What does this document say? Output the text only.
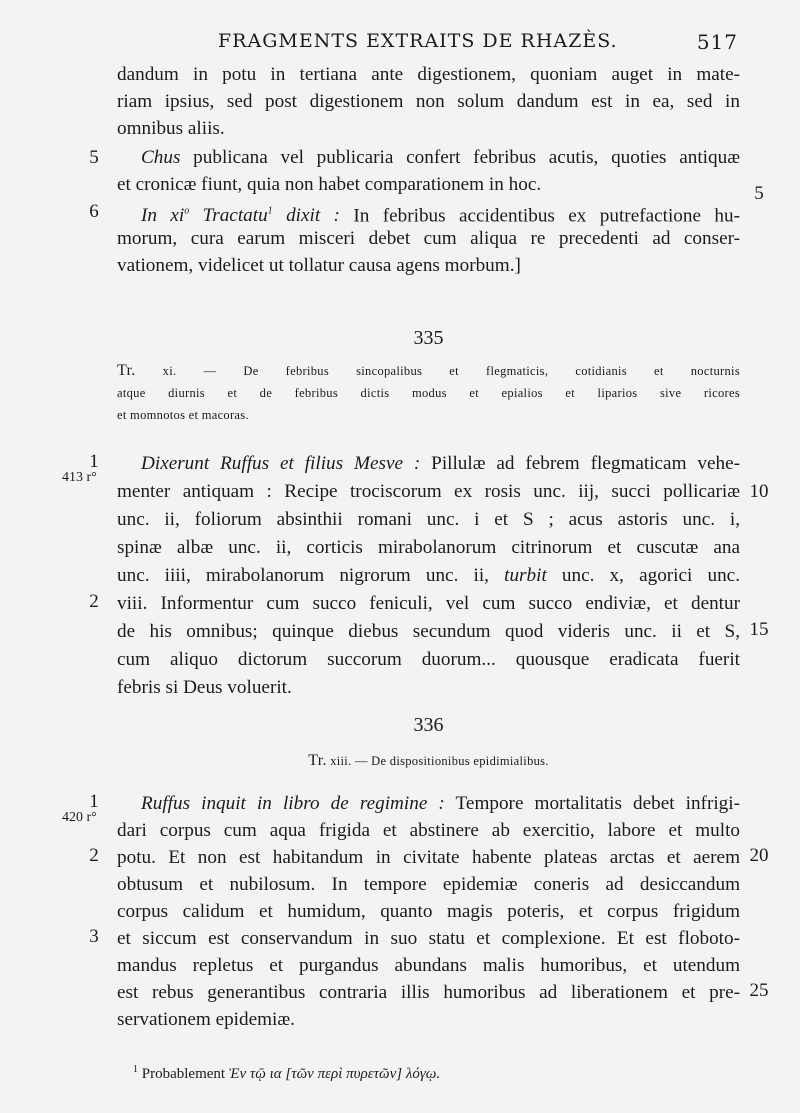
FRAGMENTS EXTRAITS DE RHAZÈS.	517
dandum in potu in tertiana ante digestionem, quoniam auget in mate-
riam ipsius, sed post digestionem non solum dandum est in ea, sed in
omnibus aliis.
5	Chus publicana vel publicaria confert febribus acutis, quoties antiquæ
et cronicæ fiunt, quia non habet comparationem in hoc.	5
6	In $xi^o$ Tractatu$^1$ dixit : In febribus accidentibus ex putrefactione hu-
morum, cura earum misceri debet cum aliqua re precedenti ad conser-
vationem, videlicet ut tollatur causa agens morbum.]
335
Tr. xi. — De febribus sincopalibus et flegmaticis, cotidianis et nocturnis
atque diurnis et de febribus dictis modus et epialios et liparios sive ricores
et momnotos et macoras.
1
413 r°
Dixerunt Ruffus et filius Mesve : Pillulæ ad febrem flegmaticam vehe-
menter antiquam : Recipe trociscorum ex rosis unc. iij, succi pollicariæ 10
unc. ii, foliorum absinthii romani unc. i et S ; acus astoris unc. i,
spinæ albæ unc. ii, corticis mirabolanorum citrinorum et cuscutæ ana
unc. iiii, mirabolanorum nigrorum unc. ii, turbit unc. x, agorici unc.
2 viii. Informentur cum succo feniculi, vel cum succo endiviæ, et dentur
de his omnibus; quinque diebus secundum quod videris unc. ii et S, 15
cum aliquo dictorum succorum duorum... quousque eradicata fuerit
febris si Deus voluerit.
336
Tr. xiii. — De dispositionibus epidimialibus.
1
420 r°
Ruffus inquit in libro de regimine : Tempore mortalitatis debet infrigi-
dari corpus cum aqua frigida et abstinere ab exercitio, labore et multo
2 potu. Et non est habitandum in civitate habente plateas arctas et aerem 20
obtusum et nubilosum. In tempore epidemiæ coneris ad desiccandum
corpus calidum et humidum, quanto magis poteris, et corpus frigidum
3 et siccum est conservandum in suo statu et complexione. Et est floboto-
mandus repletus et purgandus abundans malis humoribus, et utendum
est rebus generantibus contraria illis humoribus ad liberationem et pre- 25
servationem epidemiæ.
$^1$ Probablement Ἐν τῷ ια [τῶν περὶ πυρετῶν] λόγῳ.
